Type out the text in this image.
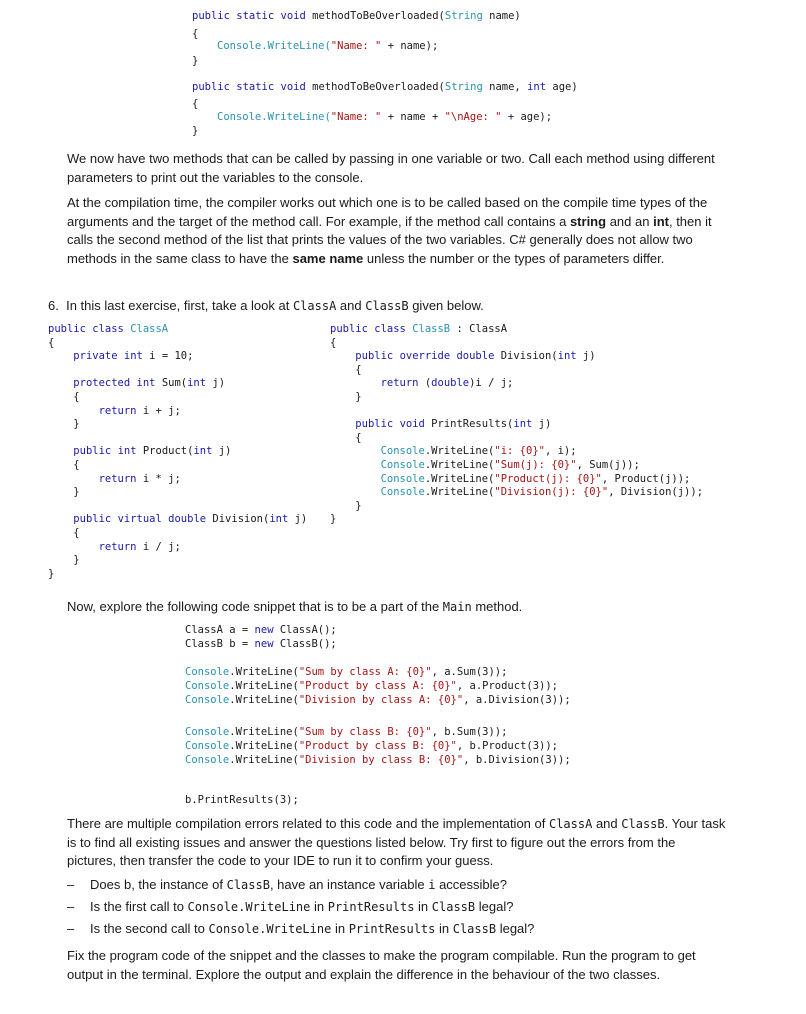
public static void methodToBeOverloaded(String name)
{
Console.WriteLine("Name: " + name);
}
public static void methodToBeOverloaded(String name, int age)
{
Console.WriteLine("Name: " + name + "\nAge: " + age);
}
We now have two methods that can be called by passing in one variable or two. Call each method using different parameters to print out the variables to the console.
At the compilation time, the compiler works out which one is to be called based on the compile time types of the arguments and the target of the method call. For example, if the method call contains a string and an int, then it calls the second method of the list that prints the values of the two variables. C# generally does not allow two methods in the same class to have the same name unless the number or the types of parameters differ.
6. In this last exercise, first, take a look at ClassA and ClassB given below.
public class ClassA
{
private int i = 10;

protected int Sum(int j)
{
return i + j;
}

public int Product(int j)
{
return i * j;
}

public virtual double Division(int j)
{
return i / j;
}
}
public class ClassB : ClassA
{
public override double Division(int j)
{
return (double)i / j;
}

public void PrintResults(int j)
{
Console.WriteLine("i: {0}", i);
Console.WriteLine("Sum(j): {0}", Sum(j));
Console.WriteLine("Product(j): {0}", Product(j));
Console.WriteLine("Division(j): {0}", Division(j));
}
}
Now, explore the following code snippet that is to be a part of the Main method.
ClassA a = new ClassA();
ClassB b = new ClassB();
Console.WriteLine("Sum by class A: {0}", a.Sum(3));
Console.WriteLine("Product by class A: {0}", a.Product(3));
Console.WriteLine("Division by class A: {0}", a.Division(3));
Console.WriteLine("Sum by class B: {0}", b.Sum(3));
Console.WriteLine("Product by class B: {0}", b.Product(3));
Console.WriteLine("Division by class B: {0}", b.Division(3));
b.PrintResults(3);
There are multiple compilation errors related to this code and the implementation of ClassA and ClassB. Your task is to find all existing issues and answer the questions listed below. Try first to figure out the errors from the pictures, then transfer the code to your IDE to run it to confirm your guess.
– Does b, the instance of ClassB, have an instance variable i accessible?
– Is the first call to Console.WriteLine in PrintResults in ClassB legal?
– Is the second call to Console.WriteLine in PrintResults in ClassB legal?
Fix the program code of the snippet and the classes to make the program compilable. Run the program to get output in the terminal. Explore the output and explain the difference in the behaviour of the two classes.
